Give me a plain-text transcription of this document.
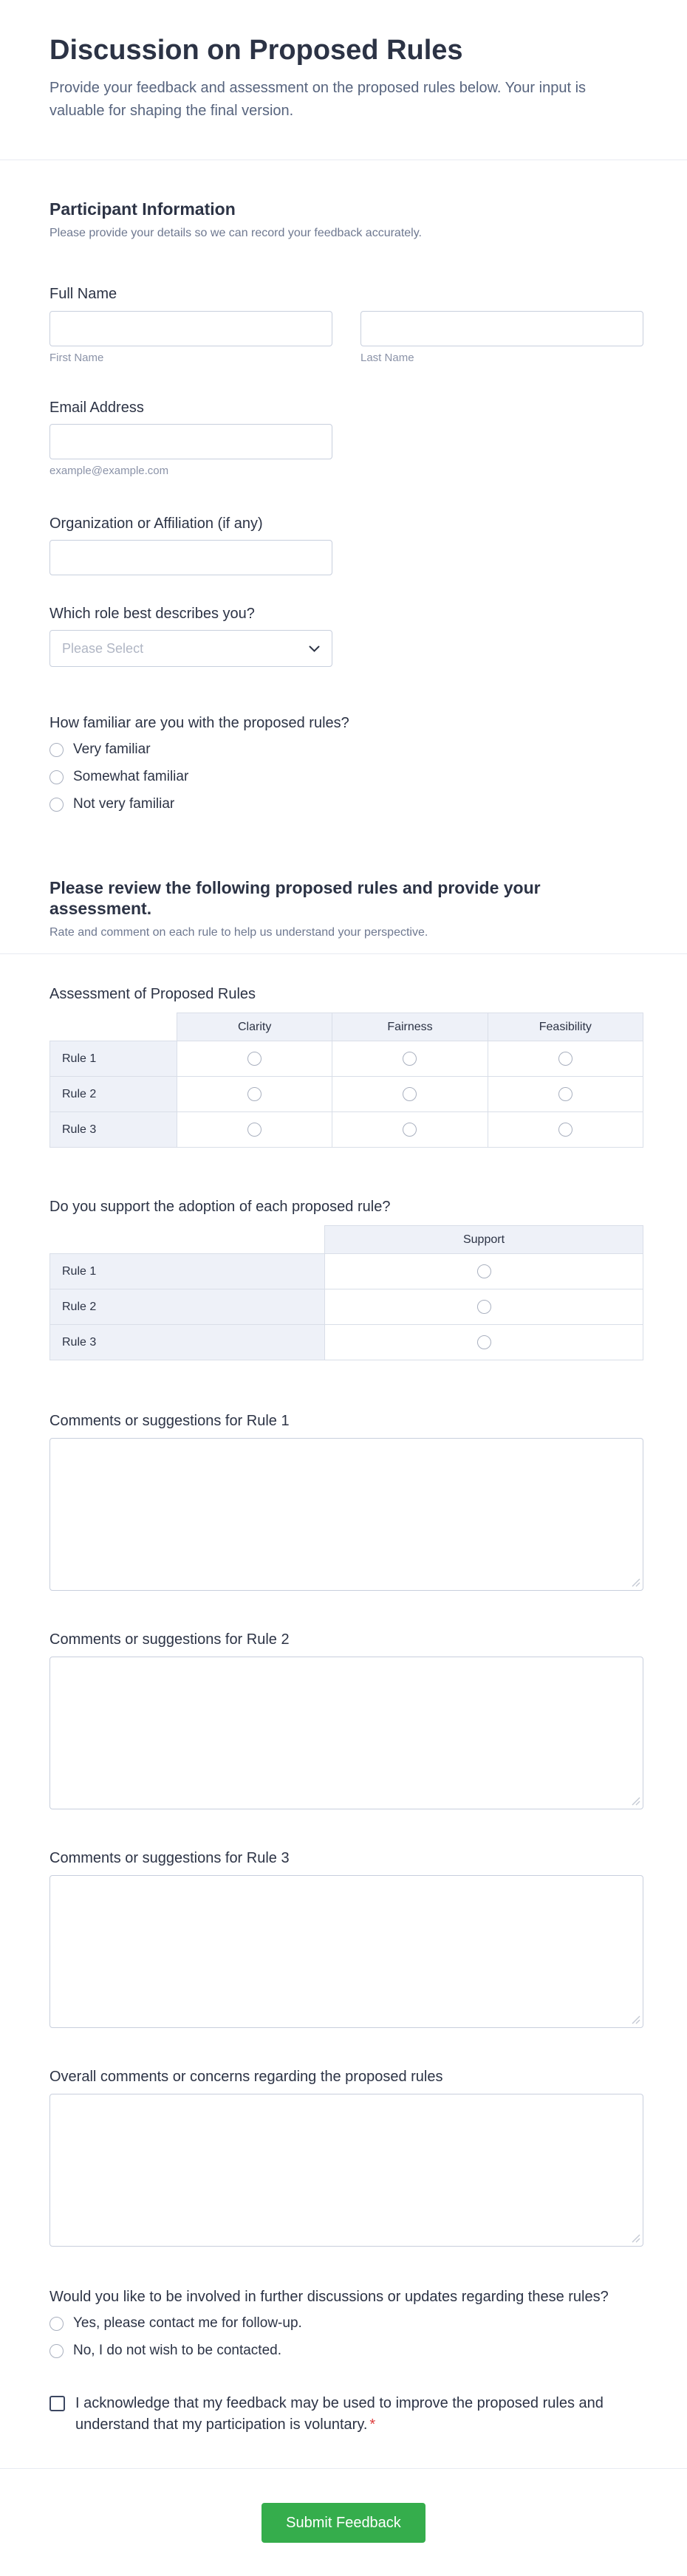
Discussion on Proposed Rules

Provide your feedback and assessment on the proposed rules below. Your input is valuable for shaping the final version.

Participant Information

Please provide your details so we can record your feedback accurately.

Full Name
First Name	Last Name
Email Address
example@example.com
Organization or Affiliation (if any)
Which role best describes you?
Please Select
How familiar are you with the proposed rules?
Very familiar
Somewhat familiar
Not very familiar
Please review the following proposed rules and provide your assessment.

Rate and comment on each rule to help us understand your perspective.

Assessment of Proposed Rules
	Clarity	Fairness	Feasibility
Rule 1			
Rule 2			
Rule 3			
Do you support the adoption of each proposed rule?
	Support
Rule 1	
Rule 2	
Rule 3	
Comments or suggestions for Rule 1
Comments or suggestions for Rule 2
Comments or suggestions for Rule 3
Overall comments or concerns regarding the proposed rules
Would you like to be involved in further discussions or updates regarding these rules?
Yes, please contact me for follow-up.
No, I do not wish to be contacted.
I acknowledge that my feedback may be used to improve the proposed rules and understand that my participation is voluntary. *
Submit Feedback
